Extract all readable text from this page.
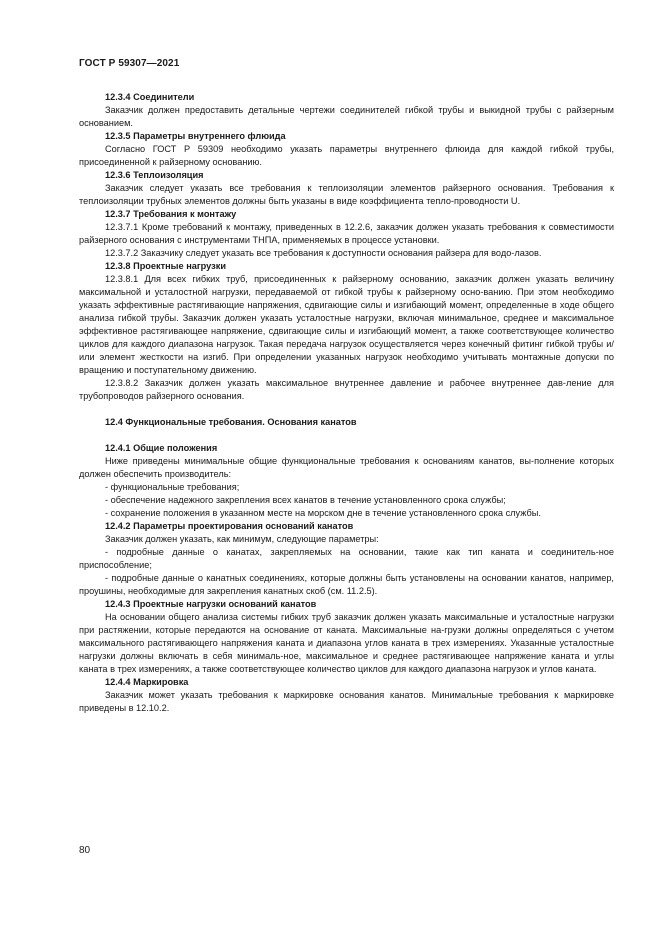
ГОСТ Р 59307—2021
12.3.4 Соединители
Заказчик должен предоставить детальные чертежи соединителей гибкой трубы и выкидной трубы с райзерным основанием.
12.3.5 Параметры внутреннего флюида
Согласно ГОСТ Р 59309 необходимо указать параметры внутреннего флюида для каждой гибкой трубы, присоединенной к райзерному основанию.
12.3.6 Теплоизоляция
Заказчик следует указать все требования к теплоизоляции элементов райзерного основания. Требования к теплоизоляции трубных элементов должны быть указаны в виде коэффициента тепло-проводности U.
12.3.7 Требования к монтажу
12.3.7.1 Кроме требований к монтажу, приведенных в 12.2.6, заказчик должен указать требования к совместимости райзерного основания с инструментами ТНПА, применяемых в процессе установки.
12.3.7.2 Заказчику следует указать все требования к доступности основания райзера для водо-лазов.
12.3.8 Проектные нагрузки
12.3.8.1 Для всех гибких труб, присоединенных к райзерному основанию, заказчик должен указать величину максимальной и усталостной нагрузки, передаваемой от гибкой трубы к райзерному осно-ванию. При этом необходимо указать эффективные растягивающие напряжения, сдвигающие силы и изгибающий момент, определенные в ходе общего анализа гибкой трубы. Заказчик должен указать усталостные нагрузки, включая минимальное, среднее и максимальное эффективное растягивающее напряжение, сдвигающие силы и изгибающий момент, а также соответствующее количество циклов для каждого диапазона нагрузок. Такая передача нагрузок осуществляется через конечный фитинг гибкой трубы и/или элемент жесткости на изгиб. При определении указанных нагрузок необходимо учитывать монтажные допуски по вращению и поступательному движению.
12.3.8.2 Заказчик должен указать максимальное внутреннее давление и рабочее внутреннее дав-ление для трубопроводов райзерного основания.
12.4 Функциональные требования. Основания канатов
12.4.1 Общие положения
Ниже приведены минимальные общие функциональные требования к основаниям канатов, вы-полнение которых должен обеспечить производитель:
- функциональные требования;
- обеспечение надежного закрепления всех канатов в течение установленного срока службы;
- сохранение положения в указанном месте на морском дне в течение установленного срока службы.
12.4.2 Параметры проектирования оснований канатов
Заказчик должен указать, как минимум, следующие параметры:
- подробные данные о канатах, закрепляемых на основании, такие как тип каната и соединитель-ное приспособление;
- подробные данные о канатных соединениях, которые должны быть установлены на основании канатов, например, проушины, необходимые для закрепления канатных скоб (см. 11.2.5).
12.4.3 Проектные нагрузки оснований канатов
На основании общего анализа системы гибких труб заказчик должен указать максимальные и усталостные нагрузки при растяжении, которые передаются на основание от каната. Максимальные на-грузки должны определяться с учетом максимального растягивающего напряжения каната и диапазона углов каната в трех измерениях. Указанные усталостные нагрузки должны включать в себя минималь-ное, максимальное и среднее растягивающее напряжение каната и углы каната в трех измерениях, а также соответствующее количество циклов для каждого диапазона нагрузок и углов каната.
12.4.4 Маркировка
Заказчик может указать требования к маркировке основания канатов. Минимальные требования к маркировке приведены в 12.10.2.
80
